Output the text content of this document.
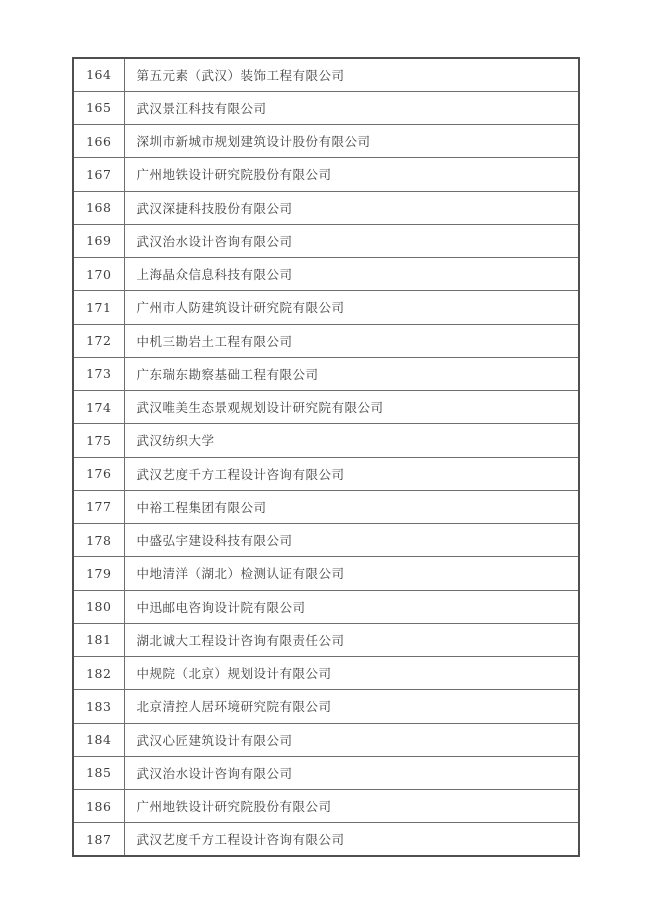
164	第五元素（武汉）装饰工程有限公司
165	武汉景江科技有限公司
166	深圳市新城市规划建筑设计股份有限公司
167	广州地铁设计研究院股份有限公司
168	武汉深捷科技股份有限公司
169	武汉治水设计咨询有限公司
170	上海晶众信息科技有限公司
171	广州市人防建筑设计研究院有限公司
172	中机三勘岩土工程有限公司
173	广东瑞东勘察基础工程有限公司
174	武汉唯美生态景观规划设计研究院有限公司
175	武汉纺织大学
176	武汉艺度千方工程设计咨询有限公司
177	中裕工程集团有限公司
178	中盛弘宇建设科技有限公司
179	中地清洋（湖北）检测认证有限公司
180	中迅邮电咨询设计院有限公司
181	湖北诚大工程设计咨询有限责任公司
182	中规院（北京）规划设计有限公司
183	北京清控人居环境研究院有限公司
184	武汉心匠建筑设计有限公司
185	武汉治水设计咨询有限公司
186	广州地铁设计研究院股份有限公司
187	武汉艺度千方工程设计咨询有限公司
